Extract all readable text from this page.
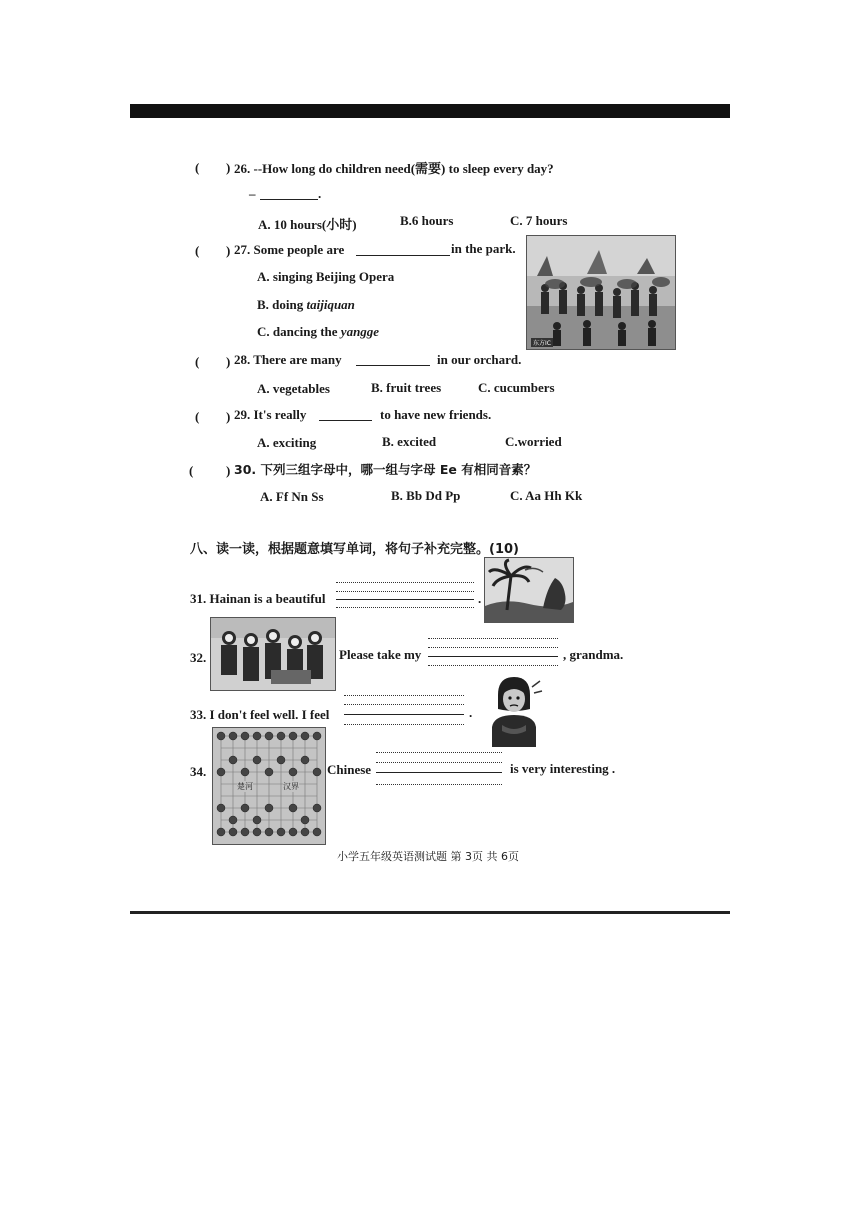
( ) 26. --How long do children need(需要) to sleep every day?
–	.
A. 10 hours(小时)	B.6 hours	C. 7 hours
( ) 27. Some people are	in the park.
A. singing Beijing Opera
B. doing taijiquan
C. dancing the yangge
东方IC
( ) 28. There are many	in our orchard.
A. vegetables	B. fruit trees	C. cucumbers
( ) 29. It's really	to have new friends.
A. exciting	B. excited	C.worried
(	) 30. 下列三组字母中，哪一组与字母 Ee 有相同音素？
A. Ff Nn Ss	B. Bb Dd Pp	C. Aa Hh Kk
八、读一读，根据题意填写单词，将句子补充完整。(10)
31. Hainan is a beautiful	.
32.	Please take my	, grandma.
33. I don't feel well. I feel	.
34.
楚河	汉界
Chinese	is very interesting .
小学五年级英语测试题 第 3页 共 6页
